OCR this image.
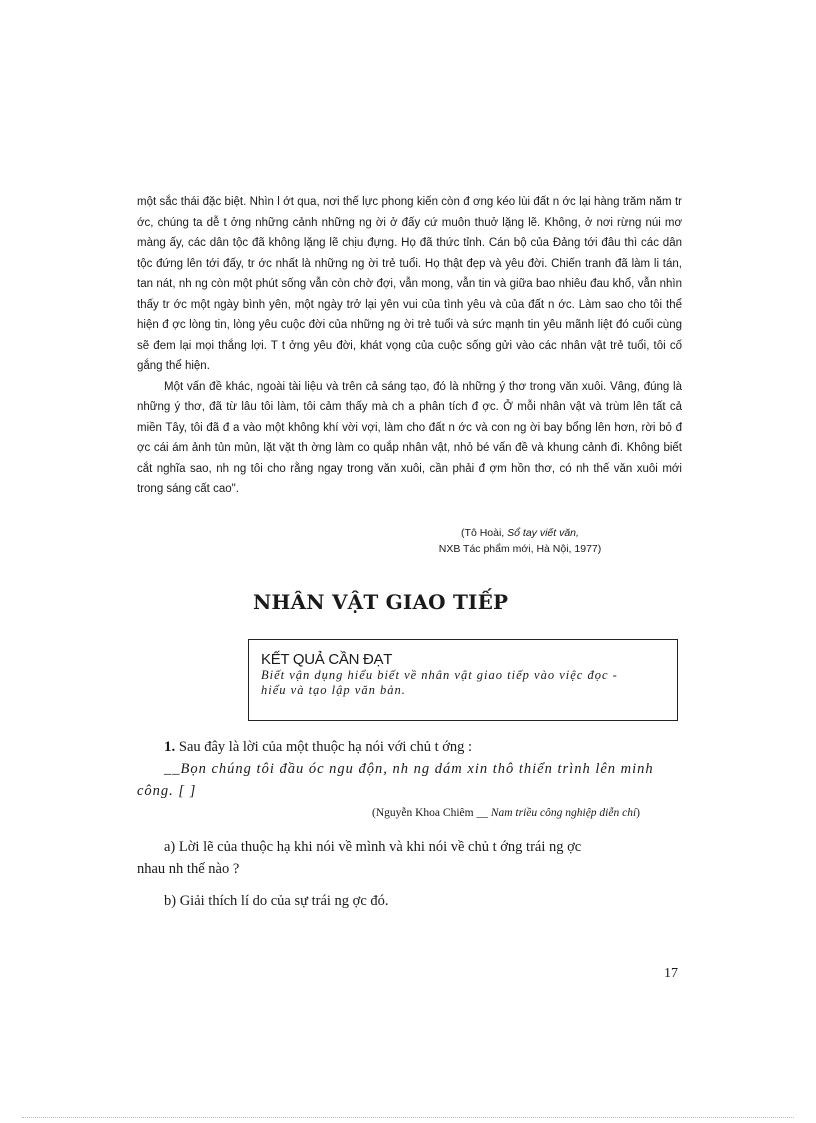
một sắc thái đặc biệt. Nhìn l ớt qua, nơi thế lực phong kiến còn đ ơng kéo lùi đất n ớc lại hàng trăm năm tr ớc, chúng ta dễ t ởng những cảnh những ng ời ở đấy cứ muôn thuở lặng lẽ. Không, ở nơi rừng núi mơ màng ấy, các dân tộc đã không lặng lẽ chịu đựng. Họ đã thức tỉnh. Cán bộ của Đảng tới đâu thì các dân tộc đứng lên tới đấy, tr ớc nhất là những ng ời trẻ tuổi. Họ thật đẹp và yêu đời. Chiến tranh đã làm li tán, tan nát, nh ng còn một phút sống vẫn còn chờ đợi, vẫn mong, vẫn tin và giữa bao nhiêu đau khổ, vẫn nhìn thấy tr ớc một ngày bình yên, một ngày trở lại yên vui của tình yêu và của đất n ớc. Làm sao cho tôi thể hiện đ ợc lòng tin, lòng yêu cuộc đời của những ng ời trẻ tuổi và sức mạnh tin yêu mãnh liệt đó cuối cùng sẽ đem lại mọi thắng lợi. T t ởng yêu đời, khát vọng của cuộc sống gửi vào các nhân vật trẻ tuổi, tôi cố gắng thể hiện.

Một vấn đề khác, ngoài tài liệu và trên cả sáng tạo, đó là những ý thơ trong văn xuôi. Vâng, đúng là những ý thơ, đã từ lâu tôi làm, tôi cảm thấy mà ch a phân tích đ ợc. Ở mỗi nhân vật và trùm lên tất cả miền Tây, tôi đã đ a vào một không khí vời vợi, làm cho đất n ớc và con ng ời bay bổng lên hơn, rời bỏ đ ợc cái ám ảnh tủn mủn, lặt vặt th ờng làm co quắp nhân vật, nhỏ bé vấn đề và khung cảnh đi. Không biết cắt nghĩa sao, nh ng tôi cho rằng ngay trong văn xuôi, cần phải đ ợm hồn thơ, có nh thế văn xuôi mới trong sáng cất cao".

(Tô Hoài, Sổ tay viết văn,
NXB Tác phẩm mới, Hà Nội, 1977)
NHÂN VẬT GIAO TIẾP
KẾT QUẢ CẦN ĐẠT
Biết vận dụng hiểu biết về nhân vật giao tiếp vào việc đọc -
hiểu và tạo lập văn bản.

1. Sau đây là lời của một thuộc hạ nói với chủ t ớng :

__Bọn chúng tôi đầu óc ngu độn, nh ng dám xin thô thiển trình lên minh

công. [ ]

(Nguyễn Khoa Chiêm __ Nam triều công nghiệp diễn chí)

a) Lời lẽ của thuộc hạ khi nói về mình và khi nói về chủ t ớng trái ng ợc

nhau nh thế nào ?

b) Giải thích lí do của sự trái ng ợc đó.

17
